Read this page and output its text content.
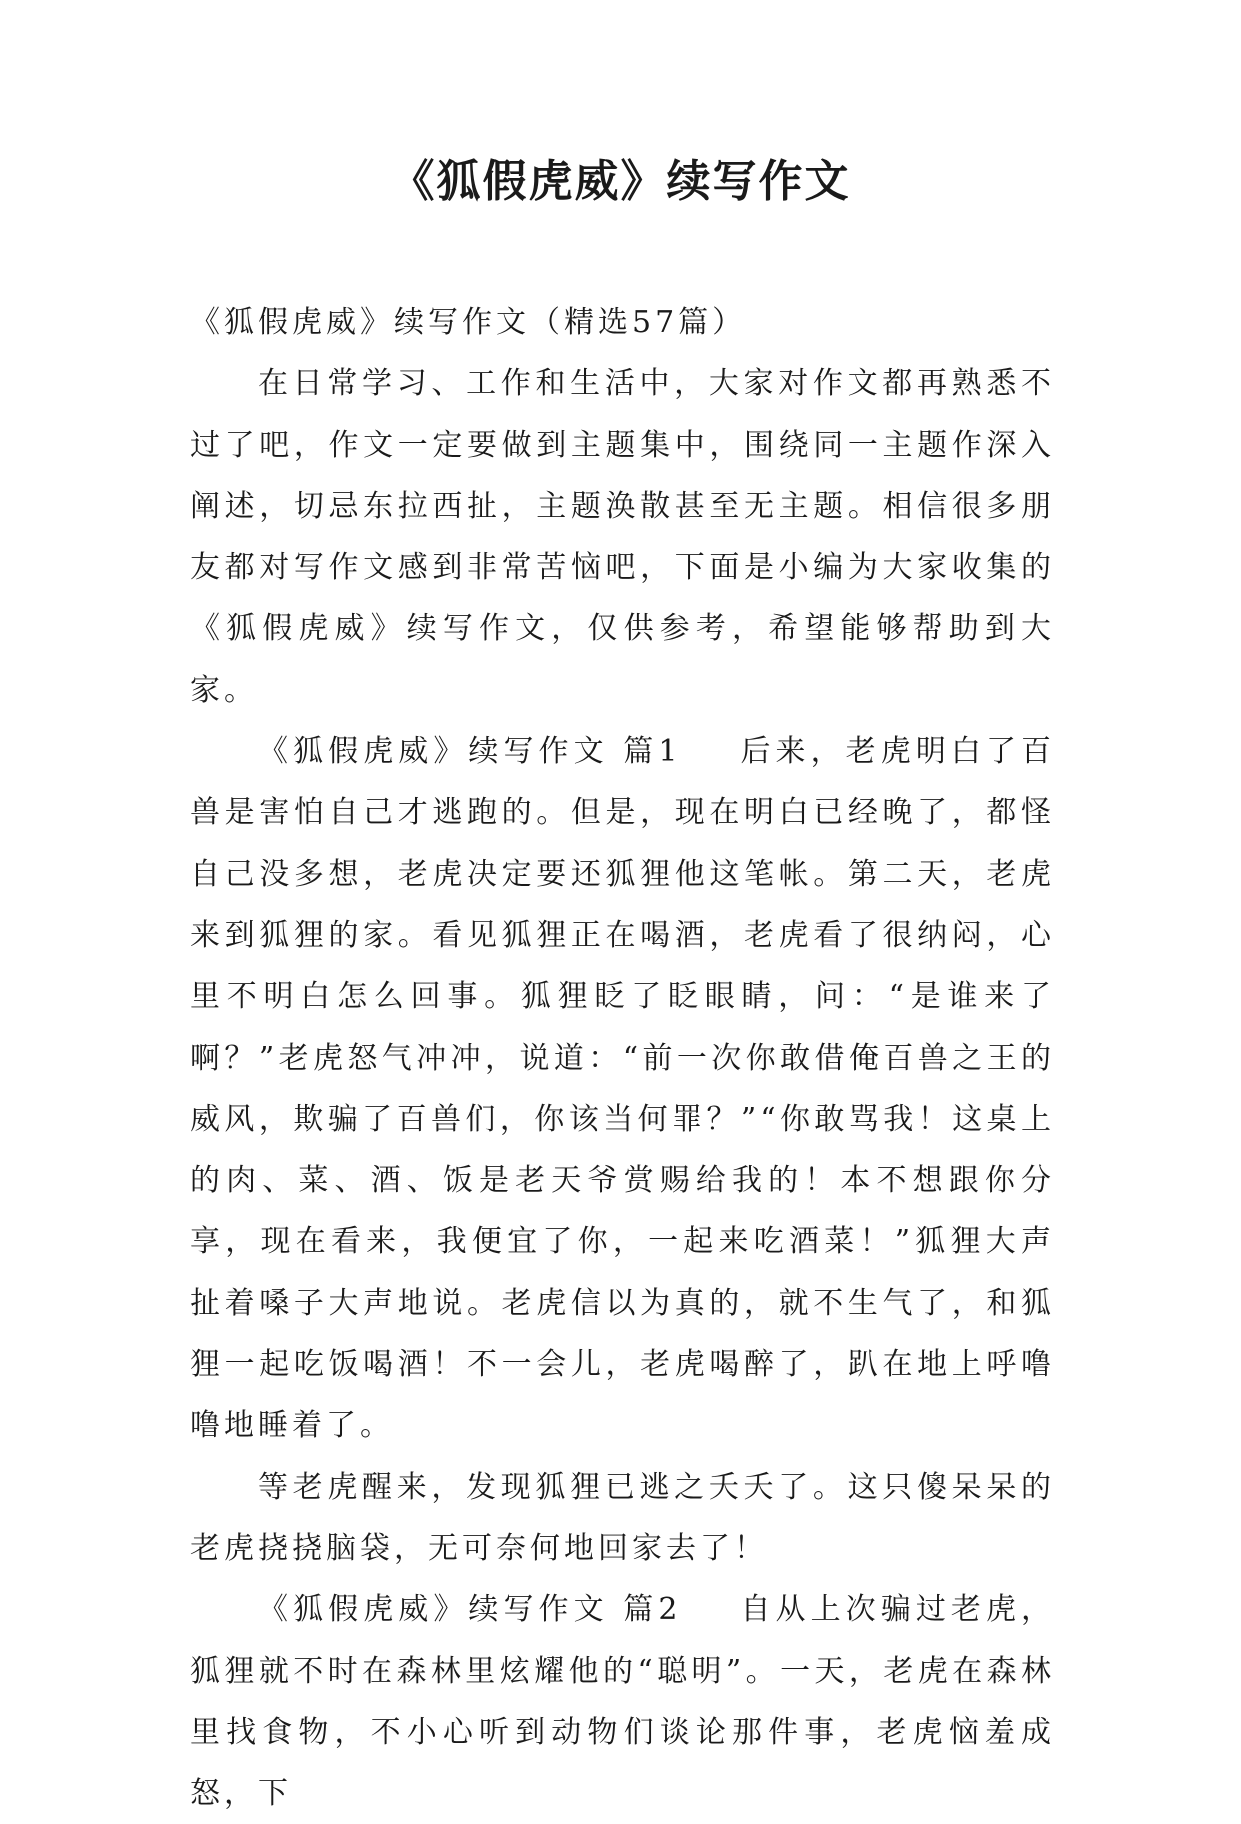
《狐假虎威》续写作文

《狐假虎威》续写作文（精选57篇）

在日常学习、工作和生活中，大家对作文都再熟悉不过了吧，作文一定要做到主题集中，围绕同一主题作深入阐述，切忌东拉西扯，主题涣散甚至无主题。相信很多朋友都对写作文感到非常苦恼吧，下面是小编为大家收集的《狐假虎威》续写作文，仅供参考，希望能够帮助到大家。

《狐假虎威》续写作文 篇1 后来，老虎明白了百兽是害怕自己才逃跑的。但是，现在明白已经晚了，都怪自己没多想，老虎决定要还狐狸他这笔帐。第二天，老虎来到狐狸的家。看见狐狸正在喝酒，老虎看了很纳闷，心里不明白怎么回事。狐狸眨了眨眼睛，问：“是谁来了啊？”老虎怒气冲冲，说道：“前一次你敢借俺百兽之王的威风，欺骗了百兽们，你该当何罪？”“你敢骂我！这桌上的肉、菜、酒、饭是老天爷赏赐给我的！本不想跟你分享，现在看来，我便宜了你，一起来吃酒菜！”狐狸大声扯着嗓子大声地说。老虎信以为真的，就不生气了，和狐狸一起吃饭喝酒！不一会儿，老虎喝醉了，趴在地上呼噜噜地睡着了。

等老虎醒来，发现狐狸已逃之夭夭了。这只傻呆呆的老虎挠挠脑袋，无可奈何地回家去了！

《狐假虎威》续写作文 篇2 自从上次骗过老虎，狐狸就不时在森林里炫耀他的“聪明”。一天，老虎在森林里找食物，不小心听到动物们谈论那件事，老虎恼羞成怒，下
